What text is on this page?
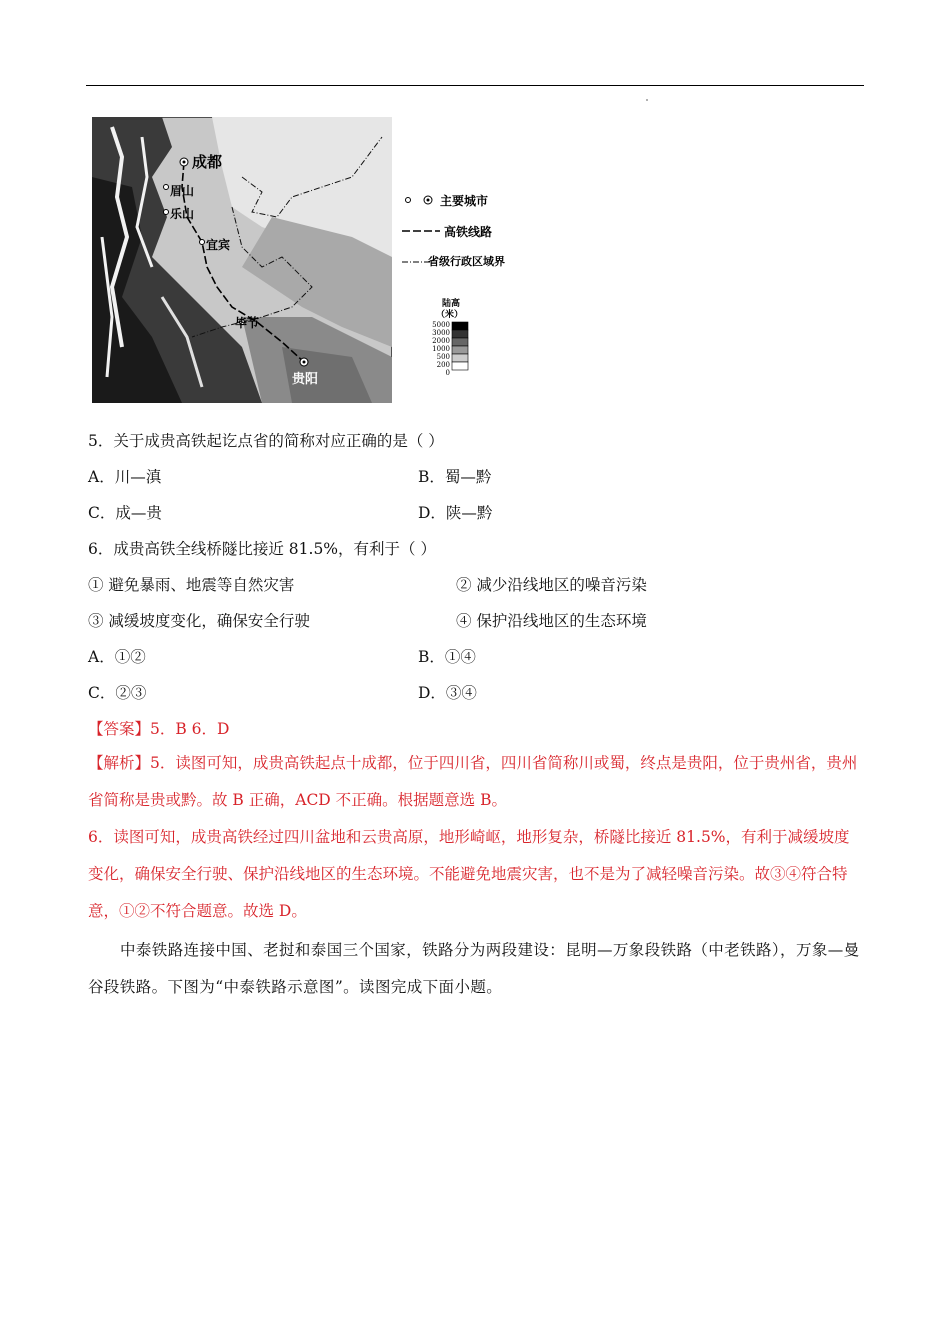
成都
眉山
乐山
宜宾
毕节
贵阳
主要城市
高铁线路
省级行政区域界
陆高
（米）
5000
3000
2000
1000
500
200
0
5．关于成贵高铁起讫点省的简称对应正确的是（ ）
A．川—滇	B．蜀—黔
C．成—贵	D．陕—黔
6．成贵高铁全线桥隧比接近 81.5%，有利于（ ）
① 避免暴雨、地震等自然灾害	② 减少沿线地区的噪音污染
③ 减缓坡度变化，确保安全行驶	④ 保护沿线地区的生态环境
A．①②	B．①④
C．②③	D．③④
【答案】5．B 6．D
【解析】5．读图可知，成贵高铁起点十成都，位于四川省，四川省简称川或蜀，终点是贵阳，位于贵州省，贵州省简称是贵或黔。故 B 正确，ACD 不正确。根据题意选 B。
6．读图可知，成贵高铁经过四川盆地和云贵高原，地形崎岖，地形复杂，桥隧比接近 81.5%，有利于减缓坡度变化，确保安全行驶、保护沿线地区的生态环境。不能避免地震灾害，也不是为了减轻噪音污染。故③④符合特意，①②不符合题意。故选 D。
中泰铁路连接中国、老挝和泰国三个国家，铁路分为两段建设：昆明—万象段铁路（中老铁路），万象—曼谷段铁路。下图为“中泰铁路示意图”。读图完成下面小题。
